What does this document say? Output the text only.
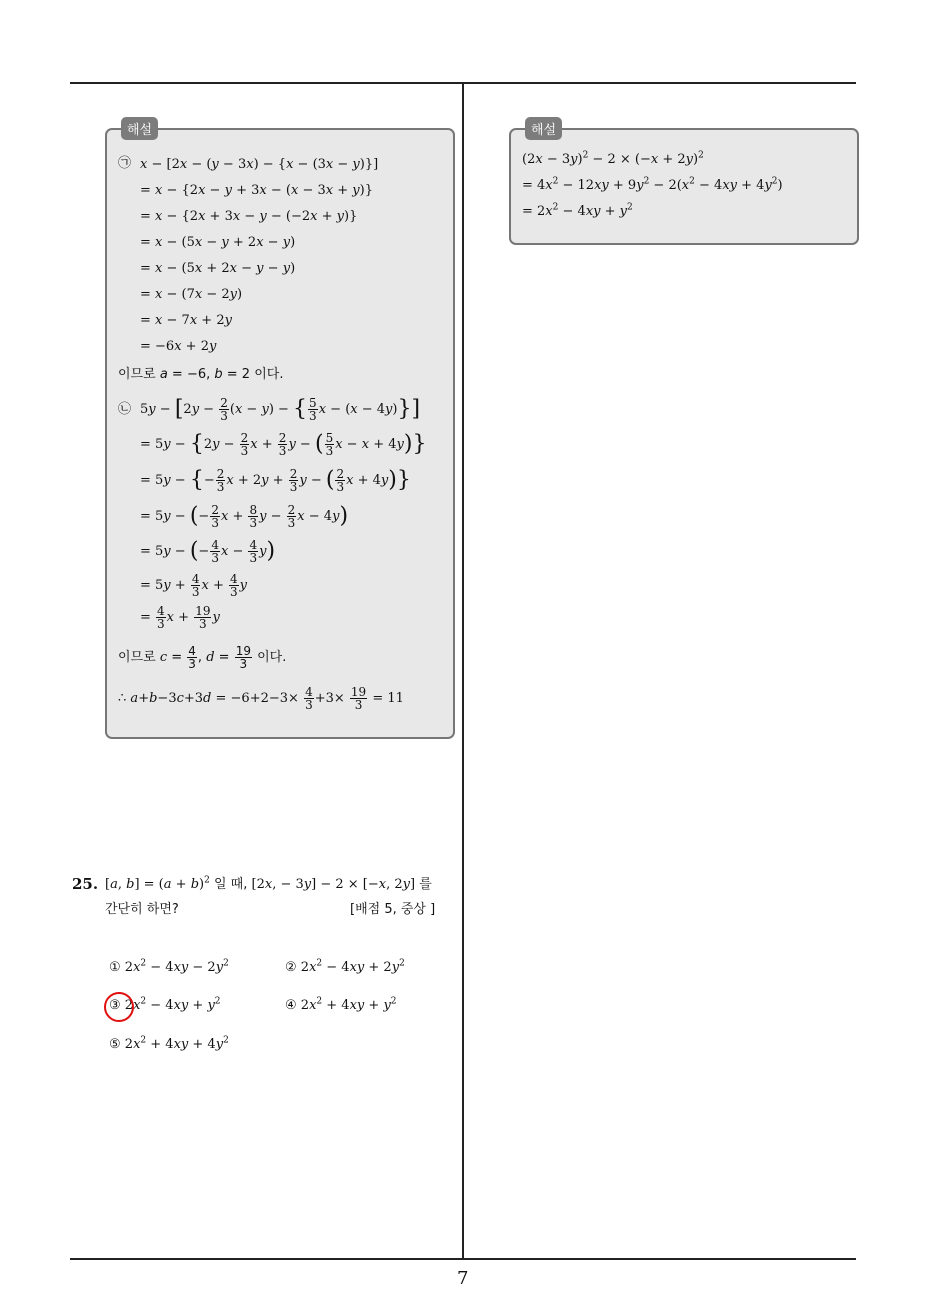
해설
㉠ x − [2x − (y − 3x) − {x − (3x − y)}]
= x − {2x − y + 3x − (x − 3x + y)}
= x − {2x + 3x − y − (−2x + y)}
= x − (5x − y + 2x − y)
= x − (5x + 2x − y − y)
= x − (7x − 2y)
= x − 7x + 2y
= −6x + 2y
이므로 a = −6, b = 2 이다.
㉡ $5y - [2y - \frac{2}{3} (x - y)$ − { $\frac{5}{3}$ x − (x − 4y)}]
= $5y - \{2y - \frac{2}{3}$ $x + \frac{2}{3}$ y − ( $\frac{5}{3}$ x − x + 4y)}
= 5y − {− $\frac{2}{3}$ $x + 2y + \frac{2}{3}$ y − ( $\frac{2}{3}$ x + 4y)}
= 5y − (− $\frac{2}{3}$ $x + \frac{8}{3}$ $y - \frac{2}{3}$ x − 4y)
= 5y − (− $\frac{4}{3}$ $x - \frac{4}{3} y$)
= $5y + \frac{4}{3}$ $x + \frac{4}{3}$ y
= $\frac{4}{3}$ $x + \frac{19}{3}$ y
이므로 $c = \frac{4}{3}$ , $d = \frac{19}{3}$ 이다.
∴ $a+b-3c+3d = -6+2-3\times \frac{4}{3} +3\times \frac{19}{3} = 11$
해설
$(2x - 3y)^2 - 2 \times (-x + 2y)^2$
= $4x^2 - 12xy + 9y^2 - 2(x^2 - 4xy + 4y^2)$
= $2x^2 - 4xy + y^2$
25. [a, $b] = (a + b)^2$ 일 때, [2x, − 3y] − 2 × [−x, 2y] 를
간단히 하면?	[배점 5, 중상 ]
① $2x^2 - 4xy - 2y^2$	② $2x^2 - 4xy + 2y^2$
③ $2x^2 - 4xy + y^2$	④ $2x^2 + 4xy + y^2$
⑤ $2x^2 + 4xy + 4y^2$
7
